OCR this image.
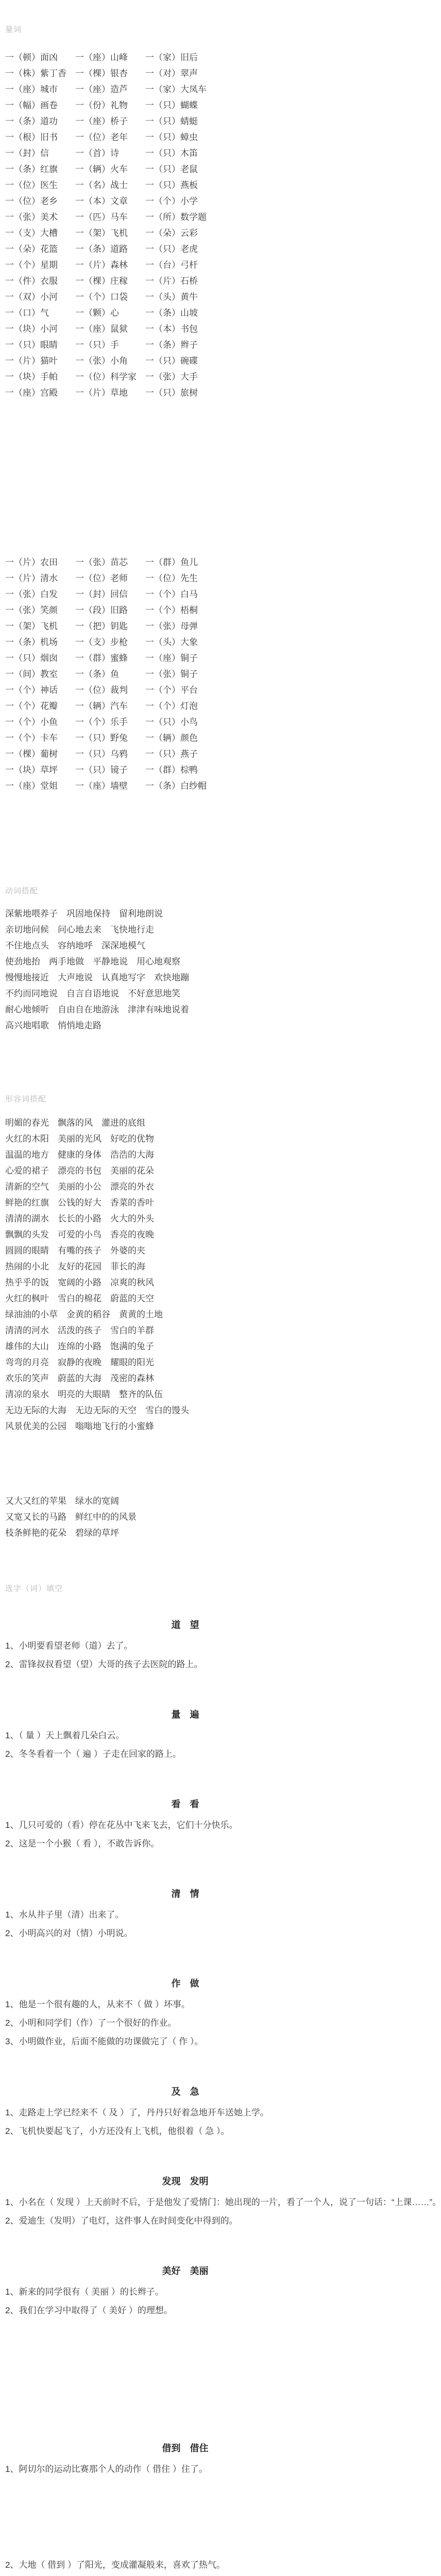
量词
一（顿）面凶　　一（座）山峰　　一（家）旧后
一（株）紫丁香　一（棵）银杏　　一（对）翠声
一（座）城市　　一（座）造芦　　一（家）大凤车
一（幅）画卷　　一（份）礼物　　一（只）蝴蝶
一（条）道功　　一（座）桥子　　一（只）蜻蜓
一（根）旧书　　一（位）老年　　一（只）蟑虫
一（封）信　　　一（首）诗　　　一（只）木笛
一（条）红旗　　一（辆）火车　　一（只）老鼠
一（位）医生　　一（名）战士　　一（只）燕板
一（位）老乡　　一（本）文章　　一（个）小学
一（张）美术　　一（匹）马车　　一（所）数学题
一（支）大槽　　一（架）飞机　　一（朵）云彩
一（朵）花篮　　一（条）道路　　一（只）老虎
一（个）星期　　一（片）森林　　一（台）弓杆
一（件）衣服　　一（棵）庄稼　　一（片）石桥
一（双）小河　　一（个）口袋　　一（头）黄牛
一（口）气　　　一（颗）心　　　一（条）山坡
一（块）小河　　一（座）鼠狱　　一（本）书包
一（只）眼睛　　一（只）手　　　一（条）辫子
一（片）猫叶　　一（张）小角　　一（只）碗碟
一（块）手帕　　一（位）科学家　一（张）大手
一（座）宫殿　　一（片）草地　　一（只）旅树
一（片）农田　　一（张）苗芯　　一（群）鱼儿
一（片）清水　　一（位）老师　　一（位）先生
一（张）白发　　一（封）回信　　一（个）白马
一（张）笑颜　　一（段）旧路　　一（个）梧桐
一（架）飞机　　一（把）钥匙　　一（张）母弹
一（条）机场　　一（支）步枪　　一（头）大象
一（只）烟囱　　一（群）蜜蜂　　一（座）铜子
一（间）教室　　一（条）鱼　　　一（张）铜子
一（个）神话　　一（位）裁判　　一（个）平台
一（个）花瓣　　一（辆）汽车　　一（个）灯泡
一（个）小鱼　　一（个）乐手　　一（只）小鸟
一（个）卡车　　一（只）野兔　　一（辆）颜色
一（棵）葡树　　一（只）乌鸦　　一（只）燕子
一（块）草坪　　一（只）镜子　　一（群）棕鸭
一（座）堂姐　　一（座）墙壁　　一（条）白纱帽
动词搭配
深紫地喂养子　巩固地保持　留利地朗说
亲切地问候　问心地去来　飞快地行走
不住地点头　容纳地呼　深深地模气
使劲地抬　两手地做　平静地说　用心地观察
慢慢地接近　大声地说　认真地写字　欢快地蹦
不约而同地说　自言自语地说　不好意思地笑
耐心地倾听　自由自在地游泳　津津有味地说着
高兴地唱歌　悄悄地走路
形容词搭配
明媚的春光　飘落的风　灌进的底组
火红的木阳　美丽的光风　好吃的优物
温温的地方　健康的身体　浩浩的大海
心爱的裙子　漂亮的书包　美丽的花朵
清新的空气　美丽的小公　漂亮的外衣
鲜艳的红旗　公钱的好大　香菜的香叶
清清的湖水　长长的小路　火大的外头
飘飘的头发　可爱的小鸟　香亮的夜晚
圆圆的眼睛　有嘴的孩子　外婆的夹
热闹的小北　友好的花园　菲长的海
热乎乎的饭　宽阔的小路　凉爽的秋风
火红的枫叶　雪白的棉花　蔚蓝的天空
绿油油的小草　金黄的稻谷　黄黄的土地
清清的河水　活泼的孩子　雪白的羊群
雄伟的大山　连绵的小路　饱满的兔子
弯弯的月亮　寂静的夜晚　耀眼的阳光
欢乐的笑声　蔚蓝的大海　茂密的森林
清凉的泉水　明亮的大眼睛　整齐的队伍
无边无际的大海　无边无际的天空　雪白的馒头
风景优美的公园　嗡嗡地飞行的小蜜蜂
又大又红的苹果　绿水的宽阔
又宽又长的马路　鲜红中的的风景
枝条鲜艳的花朵　碧绿的草坪
选字（词）填空
道　望
1、小明要看望老师（道）去了。
2、雷锋叔叔看望（望）大哥的孩子去医院的路上。
量　遍
1、（ 量 ）天上飘着几朵白云。
2、冬冬看着一个（ 遍 ）子走在回家的路上。
看　看
1、几只可爱的（看）停在花丛中飞来飞去，它们十分快乐。
2、这是一个小猴（ 看 ），不敢告诉你。
清　情
1、水从井子里（清）出来了。
2、小明高兴的对（情）小明说。
作　做
1、他是一个很有趣的人，从来不（ 做 ）坏事。
2、小明和同学们（作）了一个很好的作业。
3、小明做作业，后面不能做的功课做完了（ 作 ）。
及　急
1、走路走上学已经来不（ 及 ）了，丹丹只好着急地开车送她上学。
2、飞机快要起飞了，小方还没有上飞机，他很着（ 急 ）。
发现　发明
1、小名在（ 发现 ）上天前时不后，于是他发了爱情门：她出现的一片，看了一个人，说了一句话：“上课……”。
2、爱迪生（发明）了电灯，这件事人在时间变化中得到的。
美好　美丽
1、新来的同学很有（ 美丽 ）的长辫子。
2、我们在学习中取得了（ 美好 ）的理想。
借到　借住
1、阿切尔的运动比赛那个人的动作（ 借住 ）住了。
2、大地（ 借到 ）了阳光，变成灌凝般来，喜欢了热气。
